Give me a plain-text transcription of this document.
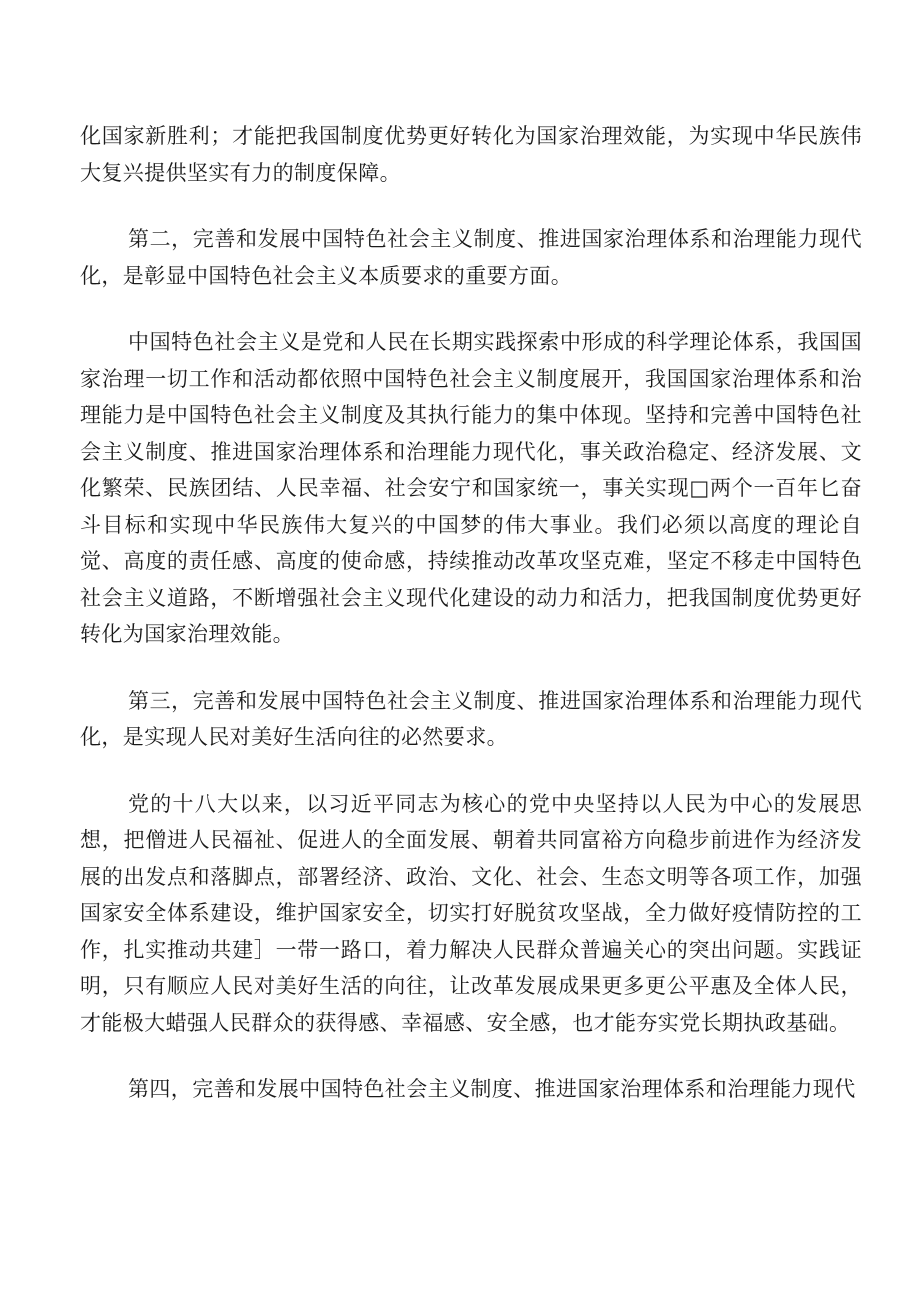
化国家新胜利；才能把我国制度优势更好转化为国家治理效能，为实现中华民族伟大复兴提供坚实有力的制度保障。

第二，完善和发展中国特色社会主义制度、推进国家治理体系和治理能力现代化，是彰显中国特色社会主义本质要求的重要方面。

中国特色社会主义是党和人民在长期实践探索中形成的科学理论体系，我国国家治理一切工作和活动都依照中国特色社会主义制度展开，我国国家治理体系和治理能力是中国特色社会主义制度及其执行能力的集中体现。坚持和完善中国特色社会主义制度、推进国家治理体系和治理能力现代化，事关政治稳定、经济发展、文化繁荣、民族团结、人民幸福、社会安宁和国家统一，事关实现□两个一百年匕奋斗目标和实现中华民族伟大复兴的中国梦的伟大事业。我们必须以高度的理论自觉、高度的责任感、高度的使命感，持续推动改革攻坚克难，坚定不移走中国特色社会主义道路，不断增强社会主义现代化建设的动力和活力，把我国制度优势更好转化为国家治理效能。

第三，完善和发展中国特色社会主义制度、推进国家治理体系和治理能力现代化，是实现人民对美好生活向往的必然要求。

党的十八大以来，以习近平同志为核心的党中央坚持以人民为中心的发展思想，把僧进人民福祉、促进人的全面发展、朝着共同富裕方向稳步前进作为经济发展的出发点和落脚点，部署经济、政治、文化、社会、生态文明等各项工作，加强国家安全体系建设，维护国家安全，切实打好脱贫攻坚战，全力做好疫情防控的工作，扎实推动共建］一带一路口，着力解决人民群众普遍关心的突出问题。实践证明，只有顺应人民对美好生活的向往，让改革发展成果更多更公平惠及全体人民，才能极大蜡强人民群众的获得感、幸福感、安全感，也才能夯实党长期执政基础。

第四，完善和发展中国特色社会主义制度、推进国家治理体系和治理能力现代
